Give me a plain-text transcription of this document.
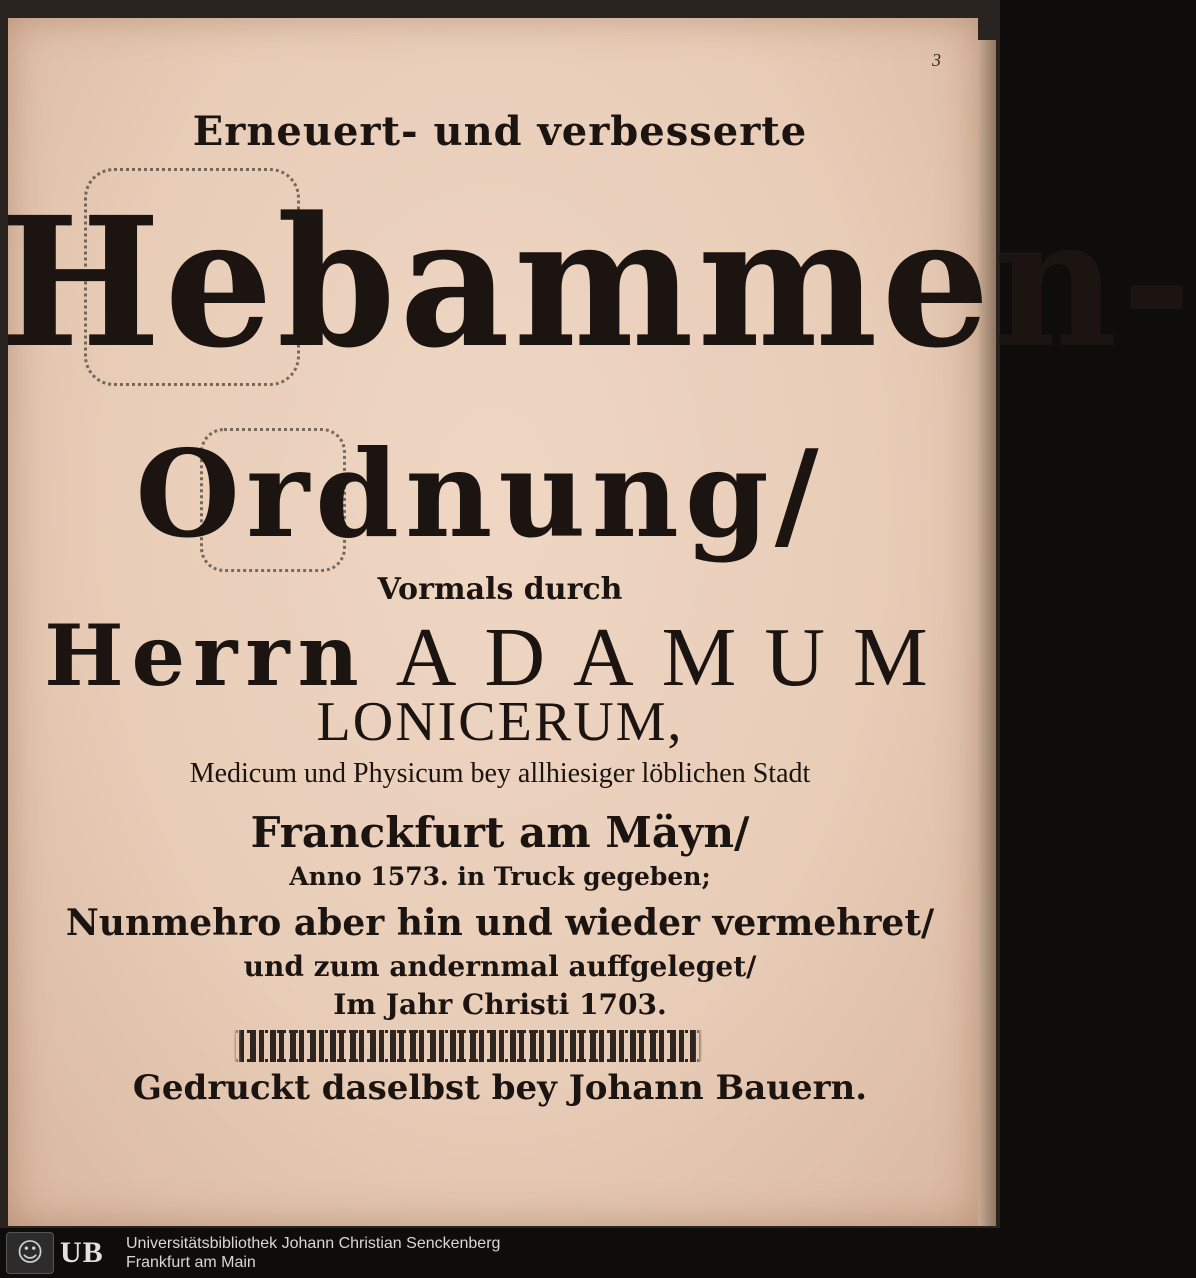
3
Erneuert- und verbesserte
Hebammen-
Ordnung/
Vormals durch
Herrn ADAMUM
LONICERUM,
Medicum und Physicum bey allhiesiger löblichen Stadt
Franckfurt am Mäyn/
Anno 1573. in Truck gegeben;
Nunmehro aber hin und wieder vermehret/
und zum andernmal auffgeleget/
Im Jahr Christi 1703.
Gedruckt daselbst bey Johann Bauern.
☺ UB Universitätsbibliothek Johann Christian Senckenberg
Frankfurt am Main
